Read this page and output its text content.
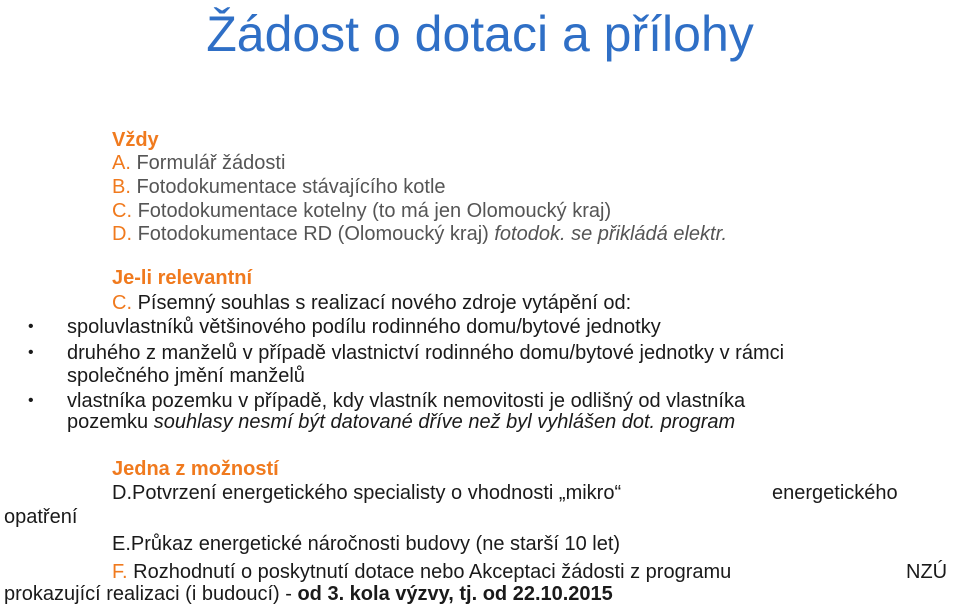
Žádost o dotaci a přílohy
Vždy
A. Formulář žádosti
B. Fotodokumentace stávajícího kotle
C. Fotodokumentace kotelny (to má jen Olomoucký kraj)
D. Fotodokumentace RD (Olomoucký kraj) fotodok. se přikládá elektr.
Je-li relevantní
C. Písemný souhlas s realizací nového zdroje vytápění od:
• spoluvlastníků většinového podílu rodinného domu/bytové jednotky
• druhého z manželů v případě vlastnictví rodinného domu/bytové jednotky v rámci
společného jmění manželů
• vlastníka pozemku v případě, kdy vlastník nemovitosti je odlišný od vlastníka
pozemku souhlasy nesmí být datované dříve než byl vyhlášen dot. program
Jedna z možností
D.Potvrzení energetického specialisty o vhodnosti „mikro“	energetického
opatření
E.Průkaz energetické náročnosti budovy (ne starší 10 let)
F. Rozhodnutí o poskytnutí dotace nebo Akceptaci žádosti z programu	NZÚ
prokazující realizaci (i budoucí) - od 3. kola výzvy, tj. od 22.10.2015
